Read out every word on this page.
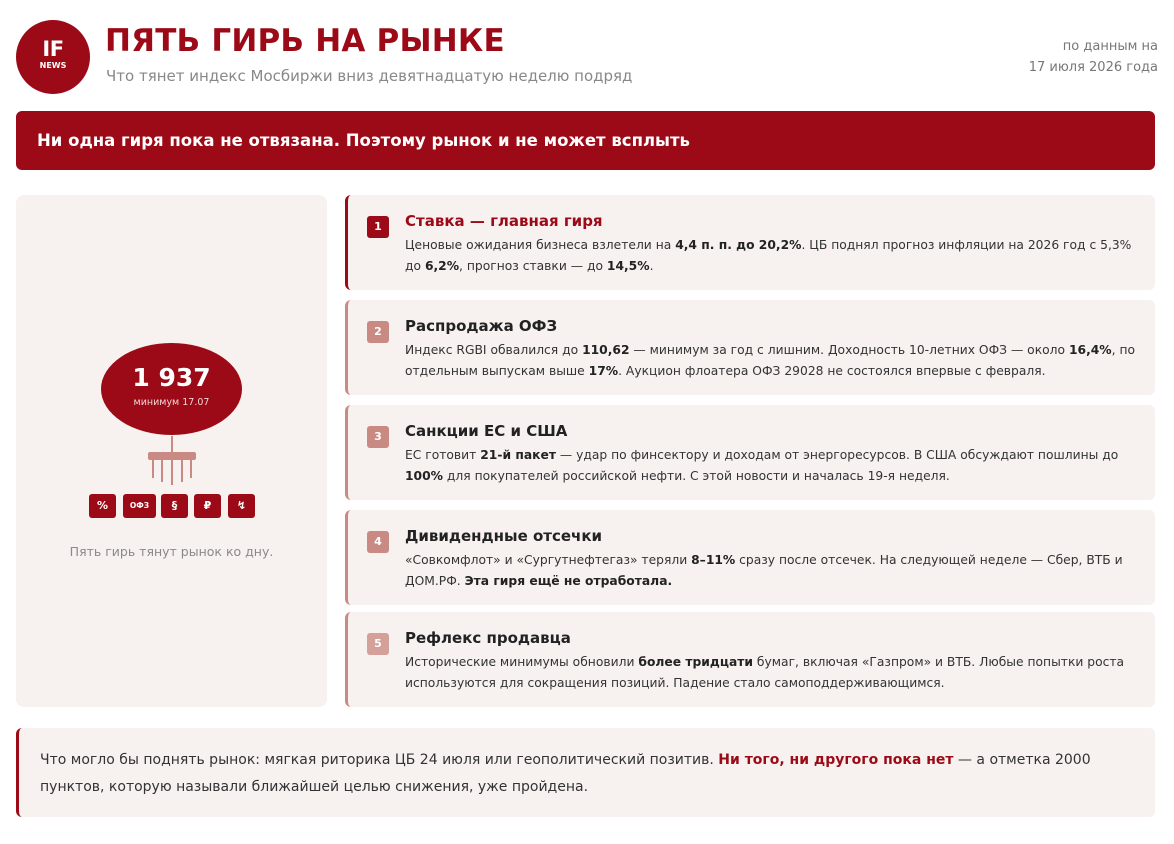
IF
NEWS
ПЯТЬ ГИРЬ НА РЫНКЕ
Что тянет индекс Мосбиржи вниз девятнадцатую неделю подряд
по данным на
17 июля 2026 года
Ни одна гиря пока не отвязана. Поэтому рынок и не может всплыть
1 937
минимум 17.07
%	ОФЗ	§	₽	↯
Пять гирь тянут рынок ко дну.
1	Ставка — главная гиря
Ценовые ожидания бизнеса взлетели на 4,4 п. п. до 20,2%. ЦБ поднял прогноз инфляции на 2026 год с 5,3% до 6,2%, прогноз ставки — до 14,5%.
2	Распродажа ОФЗ
Индекс RGBI обвалился до 110,62 — минимум за год с лишним. Доходность 10-летних ОФЗ — около 16,4%, по отдельным выпускам выше 17%. Аукцион флоатера ОФЗ 29028 не состоялся впервые с февраля.
3	Санкции ЕС и США
ЕС готовит 21-й пакет — удар по финсектору и доходам от энергоресурсов. В США обсуждают пошлины до 100% для покупателей российской нефти. С этой новости и началась 19-я неделя.
4	Дивидендные отсечки
«Совкомфлот» и «Сургутнефтегаз» теряли 8–11% сразу после отсечек. На следующей неделе — Сбер, ВТБ и ДОМ.РФ. Эта гиря ещё не отработала.
5	Рефлекс продавца
Исторические минимумы обновили более тридцати бумаг, включая «Газпром» и ВТБ. Любые попытки роста используются для сокращения позиций. Падение стало самоподдерживающимся.
Что могло бы поднять рынок: мягкая риторика ЦБ 24 июля или геополитический позитив. Ни того, ни другого пока нет — а отметка 2000 пунктов, которую называли ближайшей целью снижения, уже пройдена.
